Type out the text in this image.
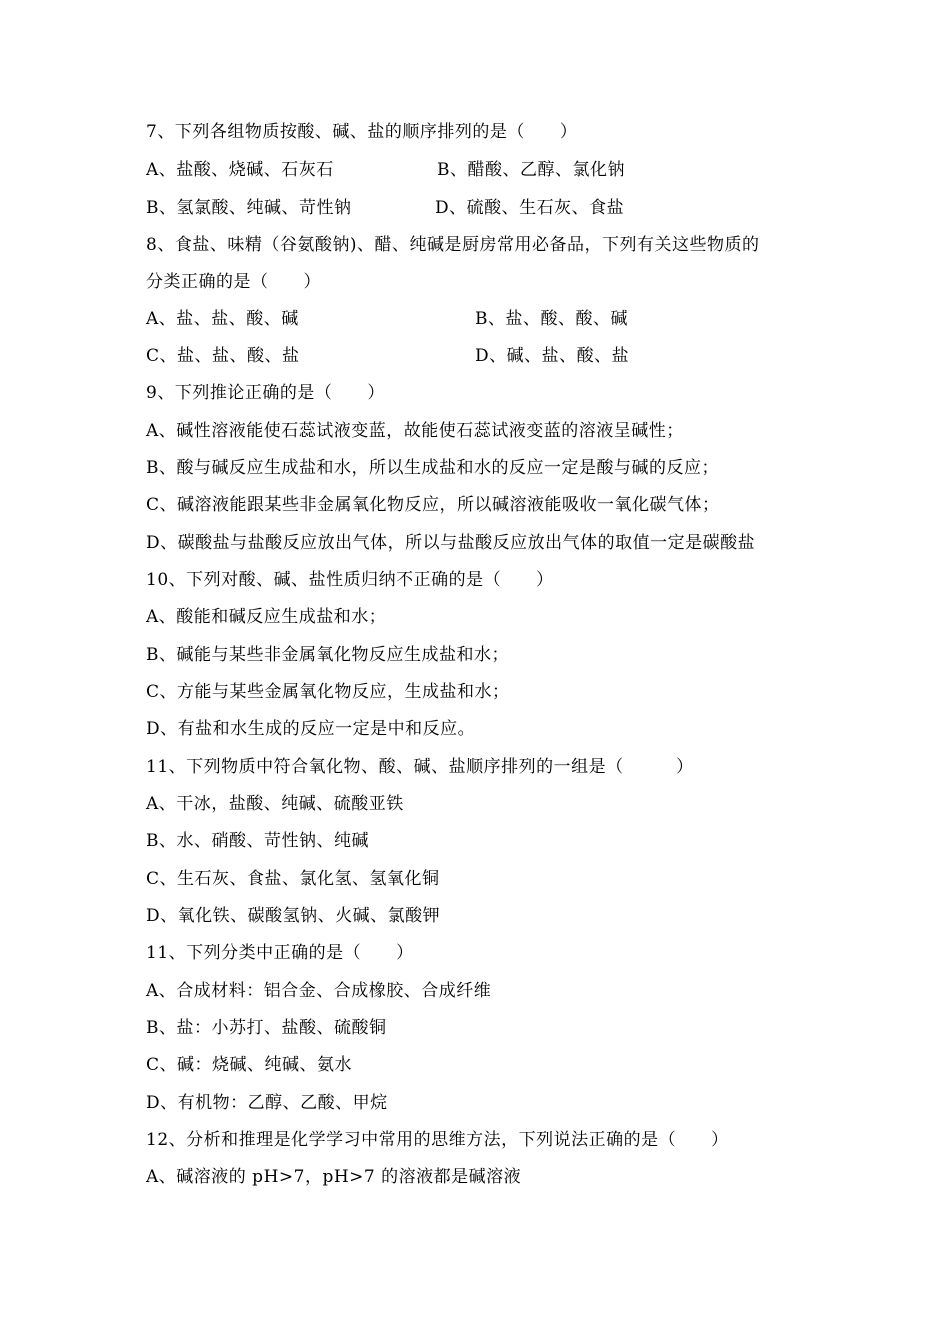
7、下列各组物质按酸、碱、盐的顺序排列的是（　　）
A、盐酸、烧碱、石灰石	B、醋酸、乙醇、氯化钠
B、氢氯酸、纯碱、苛性钠	D、硫酸、生石灰、食盐
8、食盐、味精（谷氨酸钠)、醋、纯碱是厨房常用必备品，下列有关这些物质的
分类正确的是（　　）
A、盐、盐、酸、碱	B、盐、酸、酸、碱
C、盐、盐、酸、盐	D、碱、盐、酸、盐
9、下列推论正确的是（　　）
A、碱性溶液能使石蕊试液变蓝，故能使石蕊试液变蓝的溶液呈碱性；
B、酸与碱反应生成盐和水，所以生成盐和水的反应一定是酸与碱的反应；
C、碱溶液能跟某些非金属氧化物反应，所以碱溶液能吸收一氧化碳气体；
D、碳酸盐与盐酸反应放出气体，所以与盐酸反应放出气体的取值一定是碳酸盐
10、下列对酸、碱、盐性质归纳不正确的是（　　）
A、酸能和碱反应生成盐和水；
B、碱能与某些非金属氧化物反应生成盐和水；
C、方能与某些金属氧化物反应，生成盐和水；
D、有盐和水生成的反应一定是中和反应。
11、下列物质中符合氧化物、酸、碱、盐顺序排列的一组是（　　　）
A、干冰，盐酸、纯碱、硫酸亚铁
B、水、硝酸、苛性钠、纯碱
C、生石灰、食盐、氯化氢、氢氧化铜
D、氧化铁、碳酸氢钠、火碱、氯酸钾
11、下列分类中正确的是（　　）
A、合成材料：铝合金、合成橡胶、合成纤维
B、盐：小苏打、盐酸、硫酸铜
C、碱：烧碱、纯碱、氨水
D、有机物：乙醇、乙酸、甲烷
12、分析和推理是化学学习中常用的思维方法，下列说法正确的是（　　）
A、碱溶液的 pH>7，pH>7 的溶液都是碱溶液
